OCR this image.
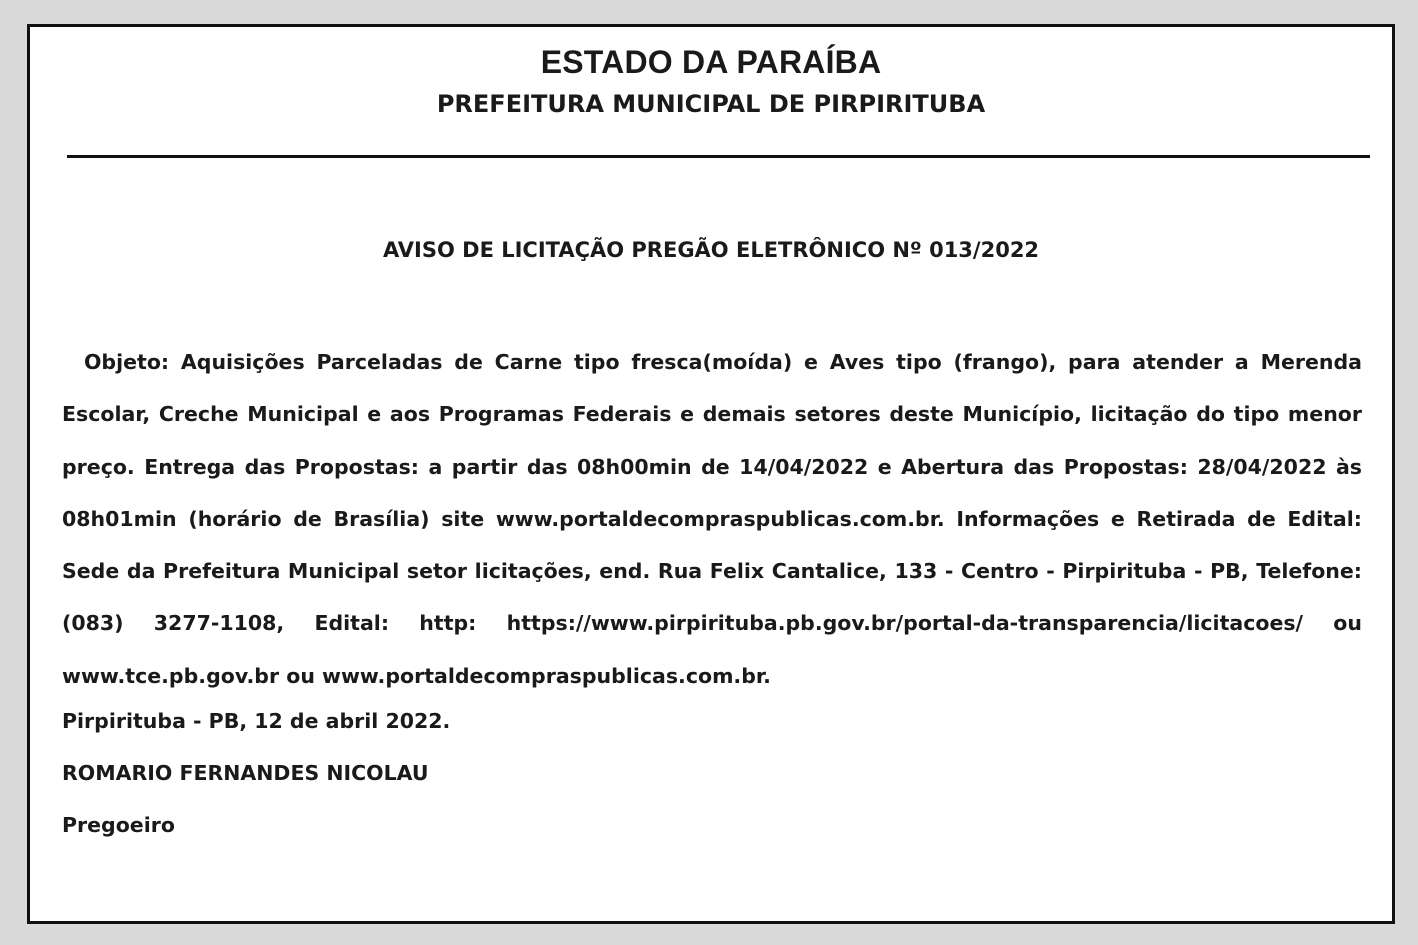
ESTADO DA PARAÍBA
PREFEITURA MUNICIPAL DE PIRPIRITUBA
AVISO DE LICITAÇÃO PREGÃO ELETRÔNICO Nº 013/2022

Objeto: Aquisições Parceladas de Carne tipo fresca(moída) e Aves tipo (frango), para atender a Merenda Escolar, Creche Municipal e aos Programas Federais e demais setores deste Município, licitação do tipo menor preço. Entrega das Propostas: a partir das 08h00min de 14/04/2022 e Abertura das Propostas: 28/04/2022 às 08h01min (horário de Brasília) site www.portaldecompraspublicas.com.br. Informações e Retirada de Edital: Sede da Prefeitura Municipal setor licitações, end. Rua Felix Cantalice, 133 - Centro - Pirpirituba - PB, Telefone: (083) 3277-1108, Edital: http: https://www.pirpirituba.pb.gov.br/portal-da-transparencia/licitacoes/ ou www.tce.pb.gov.br ou www.portaldecompraspublicas.com.br.

Pirpirituba - PB, 12 de abril 2022.
ROMARIO FERNANDES NICOLAU
Pregoeiro
